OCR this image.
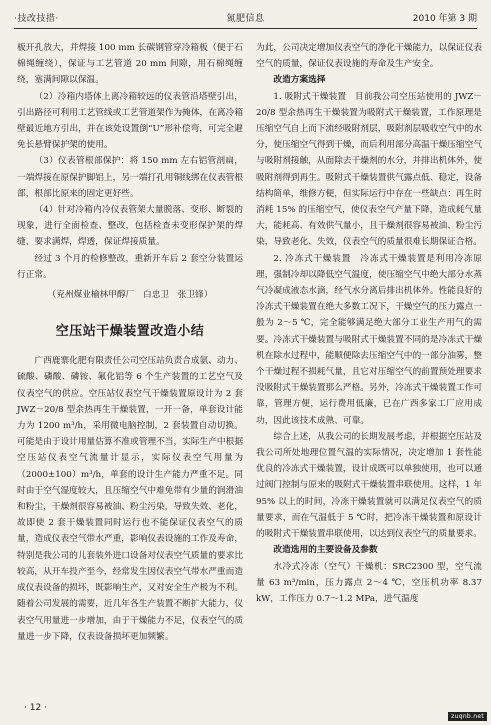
·技改技措·	氮肥信息	2010 年第 3 期

板开孔放大，并焊接 100 mm 长碳钢管穿冷箱板（便于石棉绳缠绕），保证与工艺管道 20 mm 间隙，用石棉绳缠绕，塞满间隙以保温。

（2）冷箱内塔体上离冷箱较远的仪表管沿塔壁引出，引出路径可利用工艺管线或工艺管道架作为掩体，在离冷箱壁最近地方引出，并在该处设置倒“U”形补偿弯，可完全避免长悬臂保护架的使用。

（3）仪表管根部保护：将 150 mm 左右铝管剖扁，一端焊接在原保护脚铝上，另一端打孔用铜线绑在仪表管根部，根部比原来的固定更好些。

（4）针对冷箱内冷仪表管架大量脱落、变形、断裂的现象，进行全面检查、整改，包括检查未变形保护架的焊缝，要求满焊，焊透，保证焊接质量。

经过 3 个月的检修整改，重新开车后 2 套空分装置运行正常。

（兖州煤业榆林甲醇厂　白忠卫　张卫锋）

空压站干燥装置改造小结

广西鹿寨化肥有限责任公司空压站负责合成氨、动力、硫酸、磷酸、磷铵、氟化铝等 6 个生产装置的工艺空气及仪表空气的供应。空压站仪表空气干燥装置原设计为 2 套 JWZ－20/8 型余热再生干燥装置，一开一备，单套设计能力为 1200 m³/h，采用微电脑控制，2 套装置自动切换。可能是由于设计用量估算不准或管理不当，实际生产中根据空压站仪表空气流量计显示，实际仪表空气用量为（2000±100）m³/h，单套的设计生产能力严重不足。同时由于空气湿度较大，且压缩空气中难免带有少量的润滑油和粉尘，干燥剂很容易被油、粉尘污染，导致失效、老化，故即使 2 套干燥装置同时运行也不能保证仪表空气的质量，造成仪表空气带水严重，影响仪表设施的工作及寿命，特别是我公司的儿套装外进口设备对仪表空气质量的要求比较高，从开车投产至今，经常发生因仪表空气带水严重而造成仪表设备的损坏，既影响生产，又对安全生产极为不利。随着公司发展的需要，近几年各生产装置不断扩大能力，仪表空气用量进一步增加，由于干燥能力不足，仪表空气的质量进一步下降，仪表设备损坏更加频繁。

为此，公司决定增加仪表空气的净化干燥能力，以保证仪表空气的质量，保证仪表设施的寿命及生产安全。

改造方案选择

1. 吸附式干燥装置　目前我公司空压站使用的 JWZ－20/8 型余热再生干燥装置为吸附式干燥装置，工作原理是压缩空气自上而下流经吸附剂层，吸附剂层吸收空气中的水分，使压缩空气得到干燥，而后利用部分高温干燥压缩空气与吸附剂接触，从面除去干燥剂的水分，并排出机体外，使吸附剂得到再生。吸附式干燥装置供气露点低、稳定，设备结构简单，维修方便，但实际运行中存在一些缺点：再生时消耗 15% 的压缩空气，使仪表空气产量下降，造成耗气量大，能耗高、有效供气量小，且干燥剂很容易被油、粉尘污染，导致老化、失效，仪表空气的质量很难长期保证合格。

2. 冷冻式干燥装置　冷冻式干燥装置是利用冷冻原理，强制冷却以降低空气温度，使压缩空气中绝大部分水蒸气冷凝成液态水滴，经气水分离后排出机体外。性能良好的冷冻式干燥装置在绝大多数工况下，干燥空气的压力露点一般为 2～5 ℃，完全能够满足绝大部分工业生产用气的需要。冷冻式干燥装置与吸附式干燥装置不同的是冷冻式干燥机在除水过程中，能顺便除去压缩空气中的一部分油雾，整个干燥过程不损耗气量，且它对压缩空气的前置预处理要求没吸附式干燥装置那么严格。另外，冷冻式干燥装置工作可靠，管理方便，运行费用低廉，已在广西多家工厂应用成功，因此该技术成熟、可靠。

综合上述，从我公司的长期发展考虑，并根据空压站及我公司所处地理位置气温的实际情况，决定增加 1 套性能优良的冷冻式干燥装置，设计成既可以单独使用，也可以通过阀门控制与原来的吸附式干燥装置串联使用。这样，1 年 95% 以上的时间，冷冻干燥装置就可以满足仪表空气的质量要求，而在气温低于 5 ℃时，把冷冻干燥装置和原设计的吸附式干燥装置串联使用，以达到仪表空气的质量要求。

改造选用的主要设备及参数

水冷式冷冻（空气）干燥机：SRC2300 型，空气流量 63 m³/min，压力露点 2～4 ℃，空压机功率 8.37 kW，工作压力 0.7～1.2 MPa，进气温度

· 12 ·
zuqnb.net
